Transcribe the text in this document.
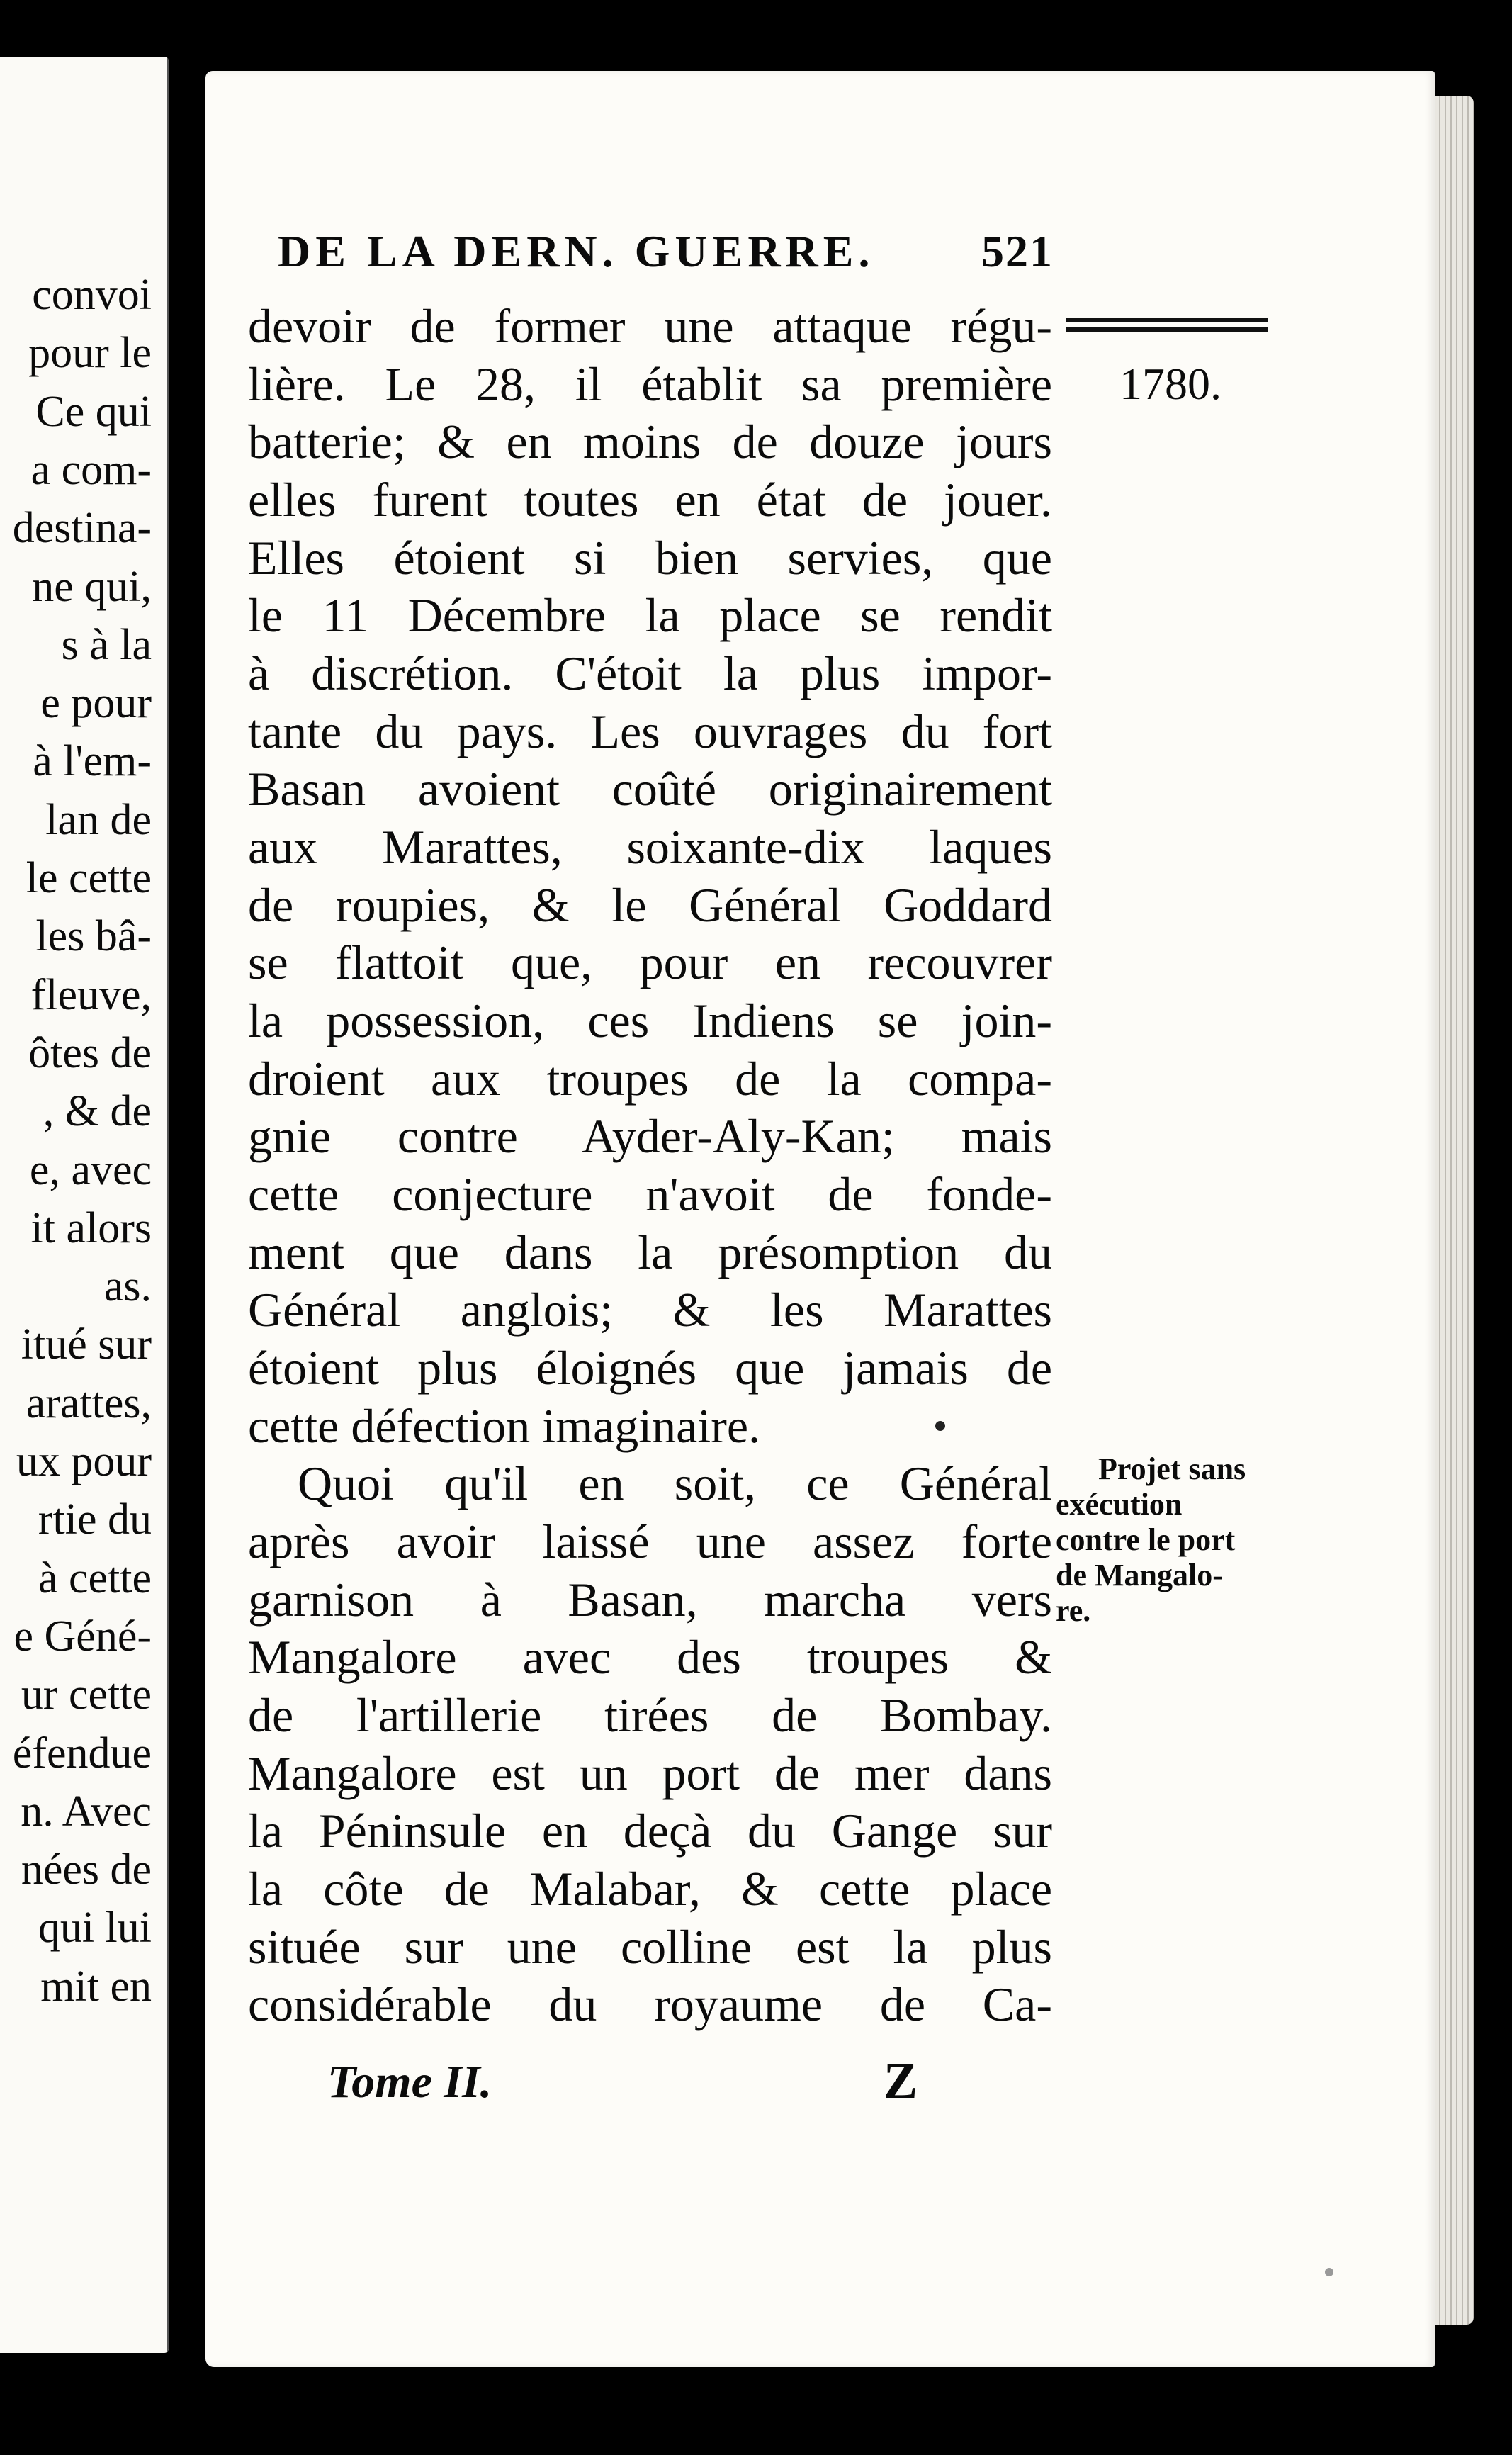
convoi
pour le
Ce qui
a com-
destina-
ne qui,
s à la
e pour
à l'em-
lan de
le cette
les bâ-
fleuve,
ôtes de
, & de
e, avec
it alors
as.
itué sur
arattes,
ux pour
rtie du
à cette
e Géné-
ur cette
éfendue
n. Avec
nées de
qui lui
mit en
DE LA DERN. GUERRE. 521
1780.
devoir de former une attaque régu-
lière. Le 28, il établit sa première
batterie; & en moins de douze jours
elles furent toutes en état de jouer.
Elles étoient si bien servies, que
le 11 Décembre la place se rendit
à discrétion. C'étoit la plus impor-
tante du pays. Les ouvrages du fort
Basan avoient coûté originairement
aux Marattes, soixante-dix laques
de roupies, & le Général Goddard
se flattoit que, pour en recouvrer
la possession, ces Indiens se join-
droient aux troupes de la compa-
gnie contre Ayder-Aly-Kan; mais
cette conjecture n'avoit de fonde-
ment que dans la présomption du
Général anglois; & les Marattes
étoient plus éloignés que jamais de
cette défection imaginaire.
Quoi qu'il en soit, ce Général
après avoir laissé une assez forte
garnison à Basan, marcha vers
Mangalore avec des troupes &
de l'artillerie tirées de Bombay.
Mangalore est un port de mer dans
la Péninsule en deçà du Gange sur
la côte de Malabar, & cette place
située sur une colline est la plus
considérable du royaume de Ca-
Projet sans
exécution
contre le port
de Mangalo-
re.
Tome II.	Z
